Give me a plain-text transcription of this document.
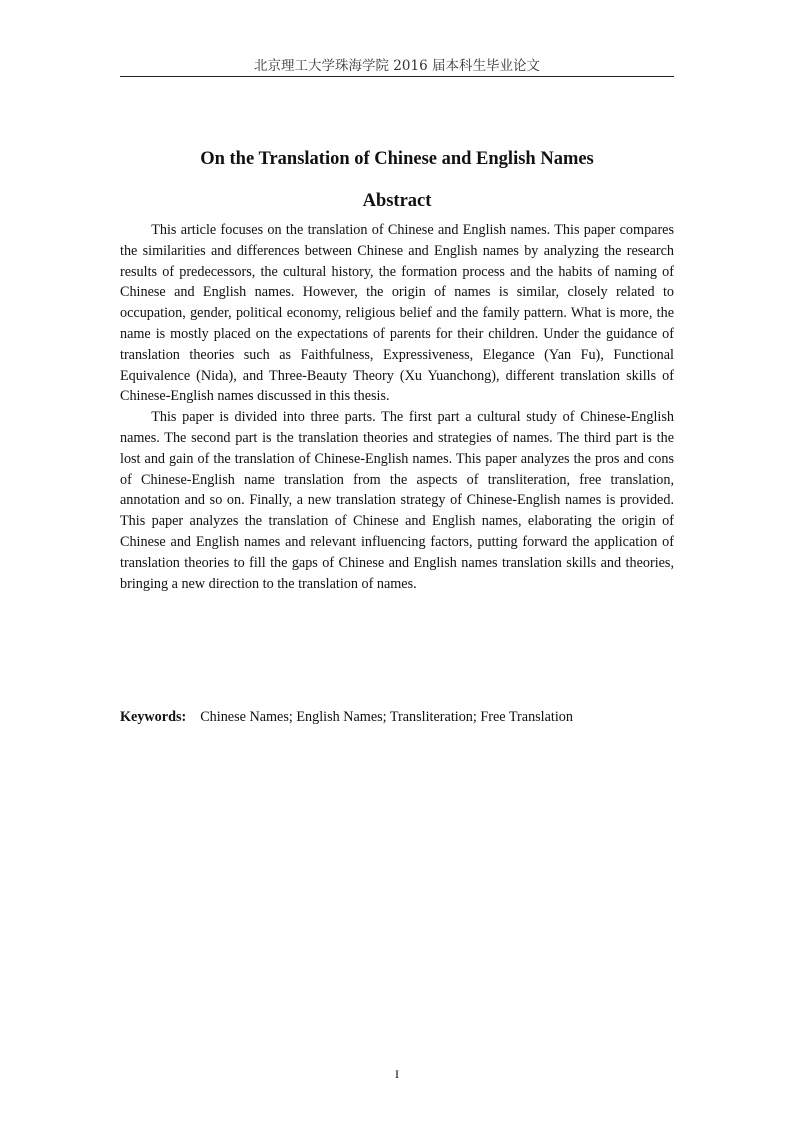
北京理工大学珠海学院 2016 届本科生毕业论文
On the Translation of Chinese and English Names
Abstract

This article focuses on the translation of Chinese and English names. This paper compares the similarities and differences between Chinese and English names by analyzing the research results of predecessors, the cultural history, the formation process and the habits of naming of Chinese and English names. However, the origin of names is similar, closely related to occupation, gender, political economy, religious belief and the family pattern. What is more, the name is mostly placed on the expectations of parents for their children. Under the guidance of translation theories such as Faithfulness, Expressiveness, Elegance (Yan Fu), Functional Equivalence (Nida), and Three-Beauty Theory (Xu Yuanchong), different translation skills of Chinese-English names discussed in this thesis.

This paper is divided into three parts. The first part a cultural study of Chinese-English names. The second part is the translation theories and strategies of names. The third part is the lost and gain of the translation of Chinese-English names. This paper analyzes the pros and cons of Chinese-English name translation from the aspects of transliteration, free translation, annotation and so on. Finally, a new translation strategy of Chinese-English names is provided. This paper analyzes the translation of Chinese and English names, elaborating the origin of Chinese and English names and relevant influencing factors, putting forward the application of translation theories to fill the gaps of Chinese and English names translation skills and theories, bringing a new direction to the translation of names.

Keywords: Chinese Names; English Names; Transliteration; Free Translation
I
